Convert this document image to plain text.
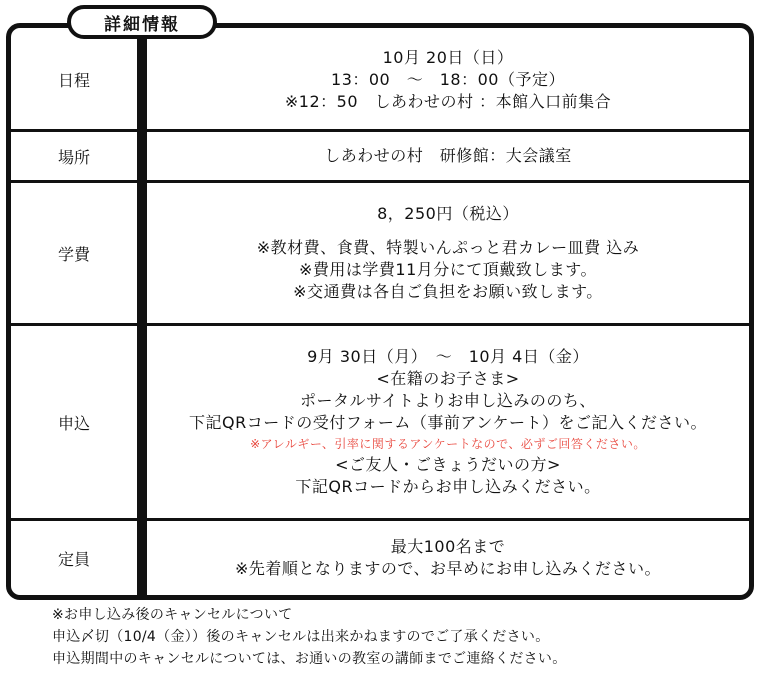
詳細情報
日程
10月 20日（日）
13：00　～　18：00（予定）
※12：50　しあわせの村 ：本館入口前集合
場所	しあわせの村　研修館：大会議室
学費
8，250円（税込）
※教材費、食費、特製いんぷっと君カレー皿費 込み
※費用は学費11月分にて頂戴致します。
※交通費は各自ご負担をお願い致します。
申込
9月 30日（月）　～　10月 4日（金）
<在籍のお子さま>
ポータルサイトよりお申し込みののち、
下記QRコードの受付フォーム（事前アンケート）をご記入ください。
※アレルギー、引率に関するアンケートなので、必ずご回答ください。
<ご友人・ごきょうだいの方>
下記QRコードからお申し込みください。
定員
最大100名まで
※先着順となりますので、お早めにお申し込みください。
※お申し込み後のキャンセルについて
申込〆切（10/4（金））後のキャンセルは出来かねますのでご了承ください。
申込期間中のキャンセルについては、お通いの教室の講師までご連絡ください。
